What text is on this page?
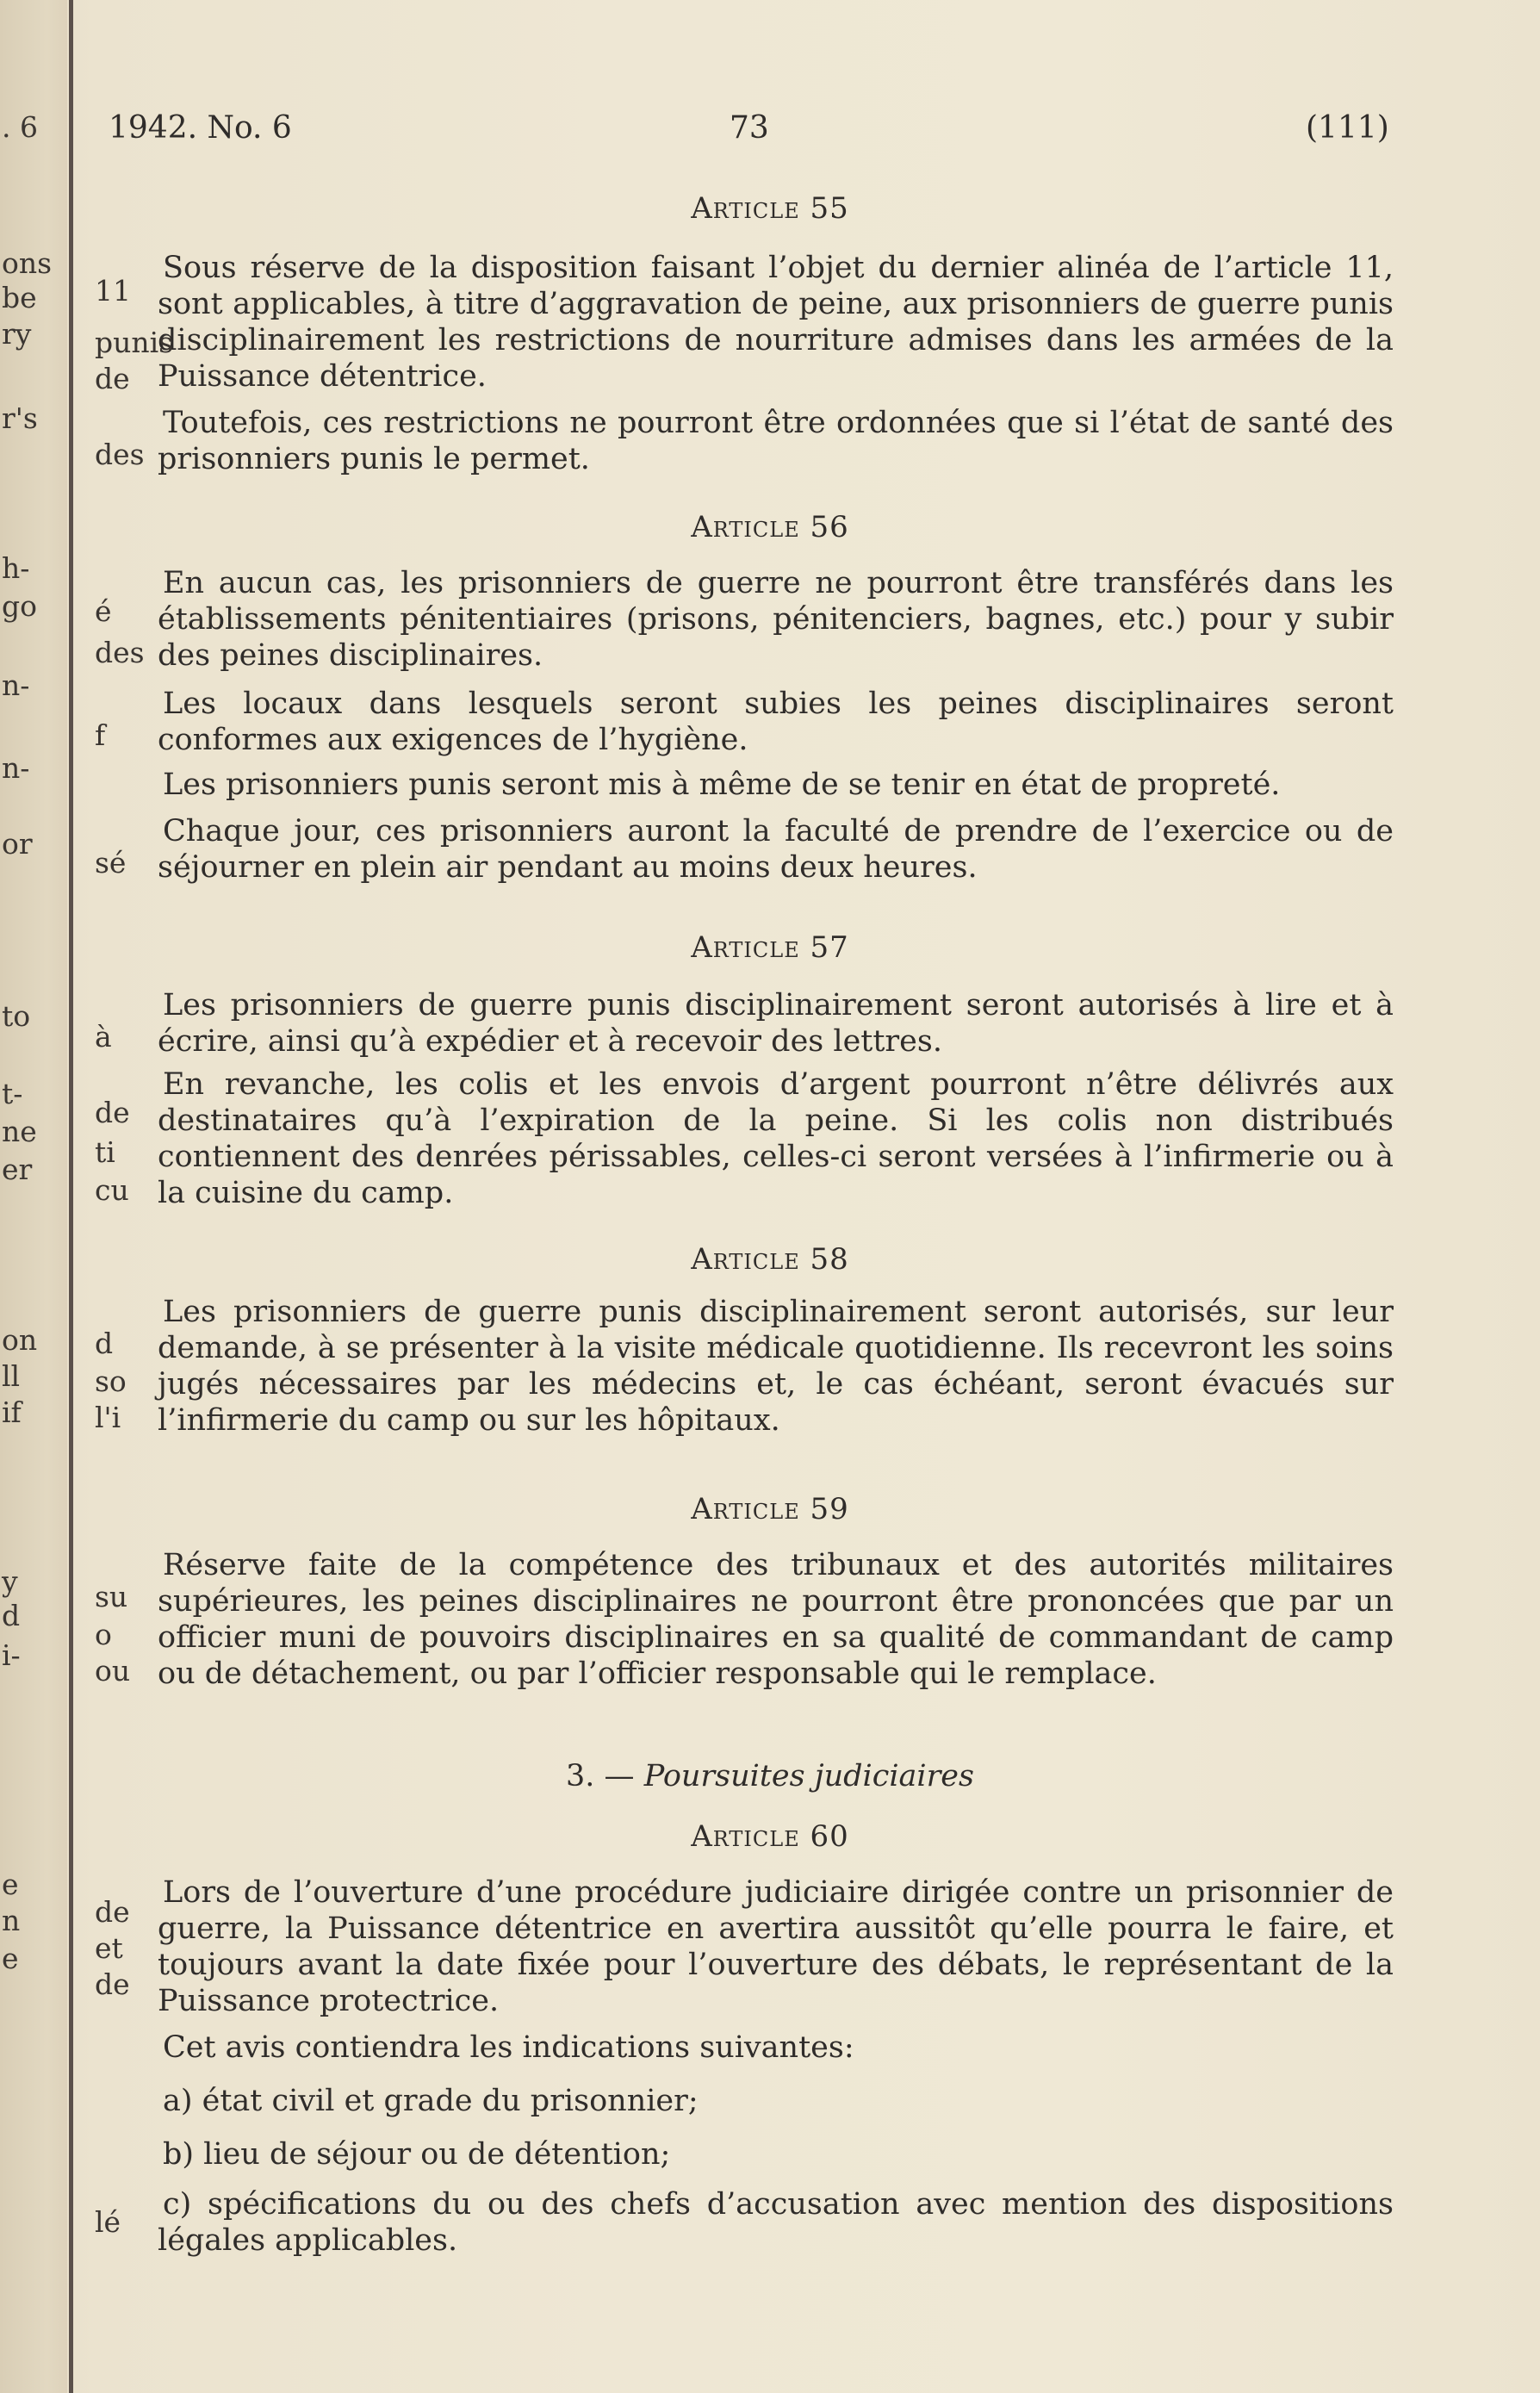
. 6
ons
be
ry
r's
h-
go
n-
n-
or
to
t-
ne
er
on
ll
if
y
d
i-
e
n
e
1942. No. 6	73	(111)
Article 55
Sous réserve de la disposition faisant l’objet du dernier alinéa de l’article 11, sont applicables, à titre d’aggravation de peine, aux prisonniers de guerre punis disciplinairement les restrictions de nourriture admises dans les armées de la Puissance détentrice.
Toutefois, ces restrictions ne pourront être ordonnées que si l’état de santé des prisonniers punis le permet.
Article 56
En aucun cas, les prisonniers de guerre ne pourront être transférés dans les établissements pénitentiaires (prisons, pénitenciers, bagnes, etc.) pour y subir des peines disciplinaires.
Les locaux dans lesquels seront subies les peines disciplinaires seront conformes aux exigences de l’hygiène.
Les prisonniers punis seront mis à même de se tenir en état de propreté.
Chaque jour, ces prisonniers auront la faculté de prendre de l’exercice ou de séjourner en plein air pendant au moins deux heures.
Article 57
Les prisonniers de guerre punis disciplinairement seront autorisés à lire et à écrire, ainsi qu’à expédier et à recevoir des lettres.
En revanche, les colis et les envois d’argent pourront n’être délivrés aux destinataires qu’à l’expiration de la peine. Si les colis non distribués contiennent des denrées périssables, celles-ci seront versées à l’infirmerie ou à la cuisine du camp.
Article 58
Les prisonniers de guerre punis disciplinairement seront autorisés, sur leur demande, à se présenter à la visite médicale quotidienne. Ils recevront les soins jugés nécessaires par les médecins et, le cas échéant, seront évacués sur l’infirmerie du camp ou sur les hôpitaux.
Article 59
Réserve faite de la compétence des tribunaux et des autorités militaires supérieures, les peines disciplinaires ne pourront être prononcées que par un officier muni de pouvoirs disciplinaires en sa qualité de commandant de camp ou de détachement, ou par l’officier responsable qui le remplace.
3. — Poursuites judiciaires
Article 60
Lors de l’ouverture d’une procédure judiciaire dirigée contre un prisonnier de guerre, la Puissance détentrice en avertira aussitôt qu’elle pourra le faire, et toujours avant la date fixée pour l’ouverture des débats, le représentant de la Puissance protectrice.
Cet avis contiendra les indications suivantes:
a) état civil et grade du prisonnier;
b) lieu de séjour ou de détention;
c) spécifications du ou des chefs d’accusation avec mention des dispositions légales applicables.
11
punis
de
des
é
des
f
sé
à
de
ti
cu
d
so
l'i
su
o
ou
de
et
de
lé
